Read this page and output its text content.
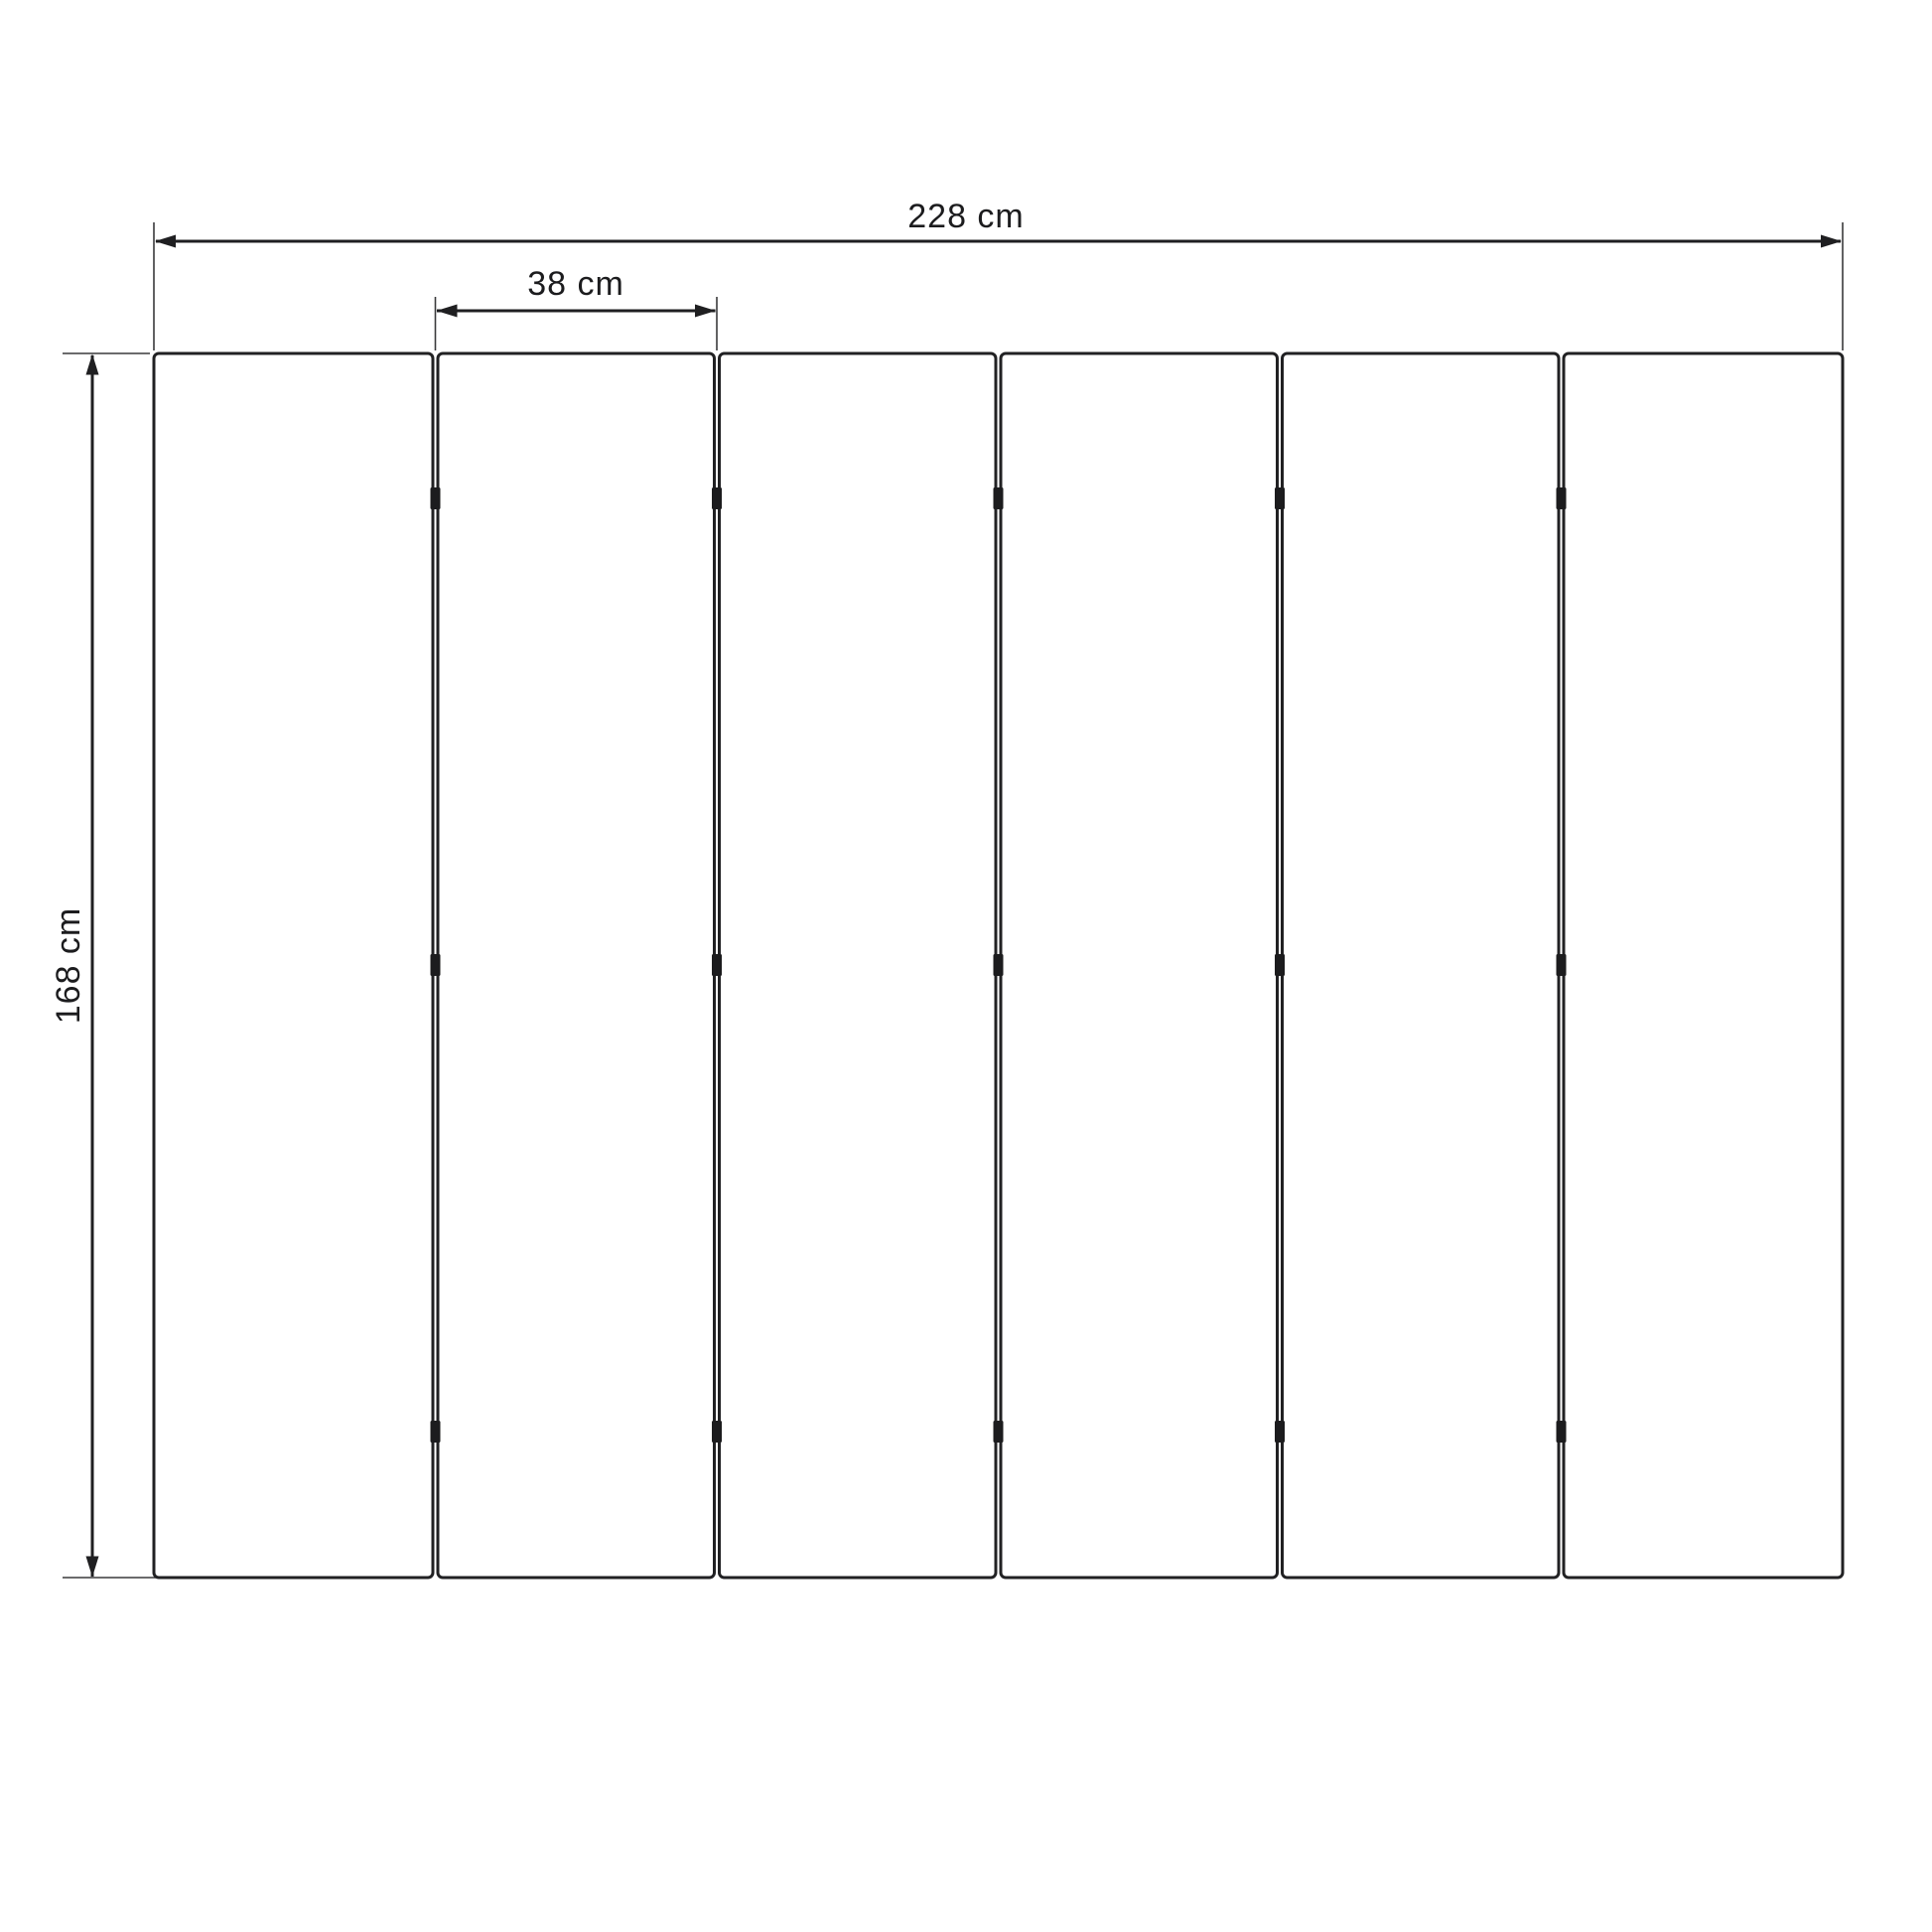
228 cm
38 cm
168 cm
